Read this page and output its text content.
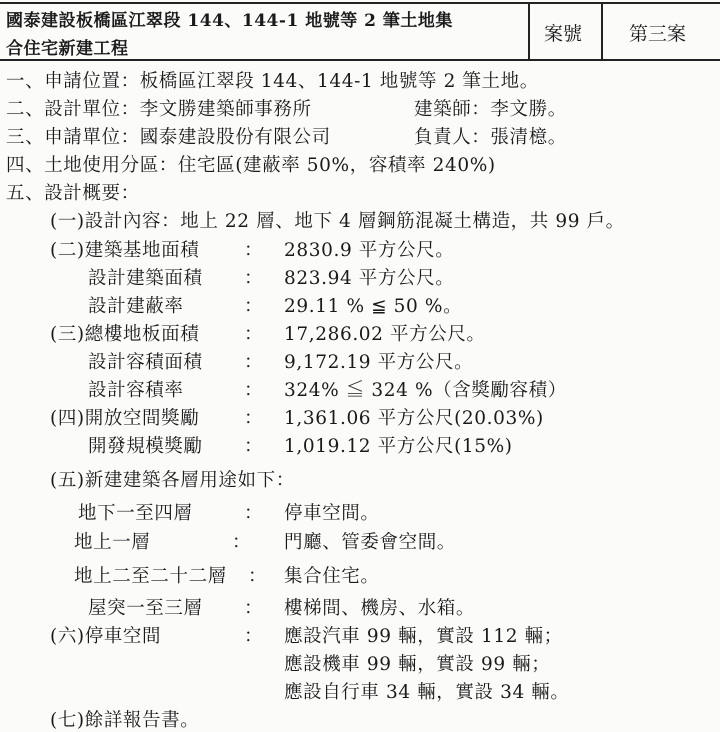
國泰建設板橋區江翠段 144、144-1 地號等 2 筆土地集
合住宅新建工程
案號 第三案
一、申請位置：板橋區江翠段 144、144-1 地號等 2 筆土地。
二、設計單位：李文勝建築師事務所	建築師：李文勝。
三、申請單位：國泰建設股份有限公司	負責人：張清檍。
四、土地使用分區：住宅區(建蔽率 50%，容積率 240%)
五、設計概要：
(一)設計內容：地上 22 層、地下 4 層鋼筋混凝土構造，共 99 戶。
(二)建築基地面積 ： 2830.9 平方公尺。
設計建築面積 ： 823.94 平方公尺。
設計建蔽率	： 29.11 % ≦ 50 %。
(三)總樓地板面積 ： 17,286.02 平方公尺。
設計容積面積 ： 9,172.19 平方公尺。
設計容積率	： 324% ≦ 324 %（含獎勵容積）
(四)開放空間獎勵 ： 1,361.06 平方公尺(20.03%)
開發規模獎勵 ： 1,019.12 平方公尺(15%)
(五)新建建築各層用途如下：
地下一至四層	： 停車空間。
地上一層	： 門廳、管委會空間。
地上二至二十二層 ： 集合住宅。
屋突一至三層 ： 樓梯間、機房、水箱。
(六)停車空間	： 應設汽車 99 輛，實設 112 輛；
應設機車 99 輛，實設 99 輛；
應設自行車 34 輛，實設 34 輛。
(七)餘詳報告書。
